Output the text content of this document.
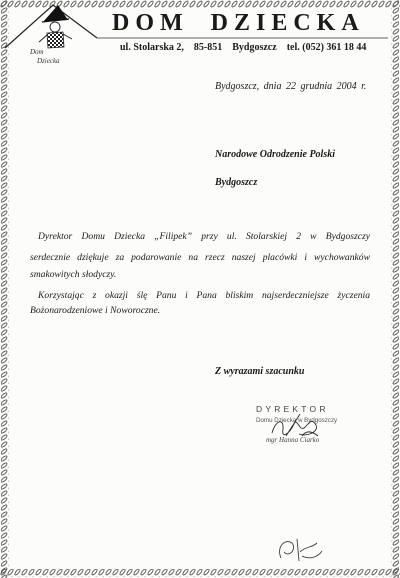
Dom
Dziecka
DOM DZIECKA
ul. Stolarska 2, 85-851 Bydgoszcz tel. (052) 361 18 44
Bydgoszcz, dnia 22 grudnia 2004 r.
Narodowe Odrodzenie Polski
Bydgoszcz
Dyrektor Domu Dziecka „Filipek” przy ul. Stolarskiej 2 w Bydgoszczy
serdecznie dziękuje za podarowanie na rzecz naszej placówki i wychowanków
smakowitych słodyczy.
Korzystając z okazji ślę Panu i Pana bliskim najserdeczniejsze życzenia
Bożonarodzeniowe i Noworoczne.
Z wyrazami szacunku
DYREKTOR
Domu Dziecka w Bydgoszczy
mgr Hanna Ciarko
